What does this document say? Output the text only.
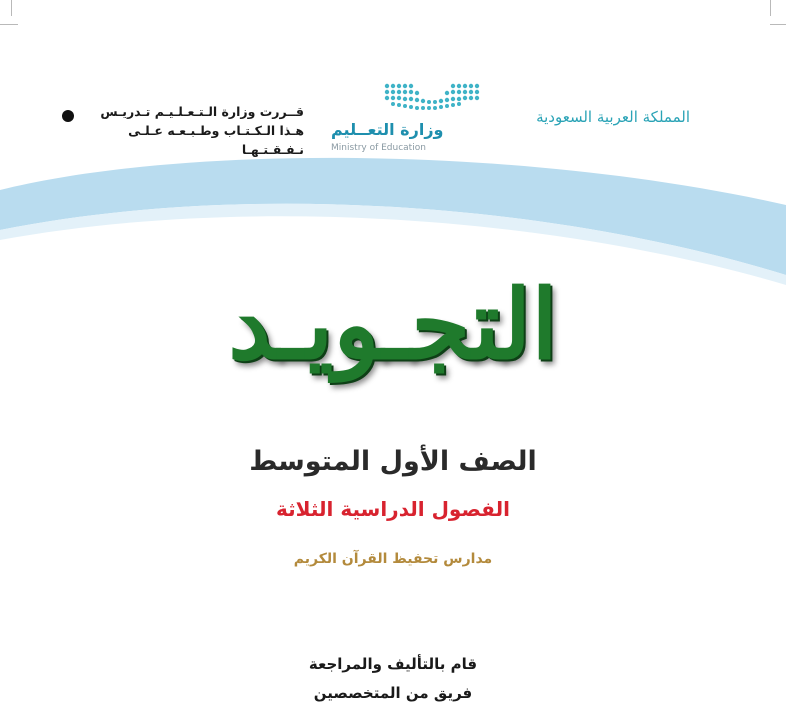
المملكة العربية السعودية
وزارة التعــليم
Ministry of Education
قــررت وزارة الـتـعـلـيـم تـدريـس
هـذا الـكـتـاب وطـبـعـه عـلـى نـفـقـتـهـا
التجـويـد
الصف الأول المتوسط
الفصول الدراسية الثلاثة
مدارس تحفيظ القرآن الكريم
قام بالتأليف والمراجعة
فريق من المتخصصين
